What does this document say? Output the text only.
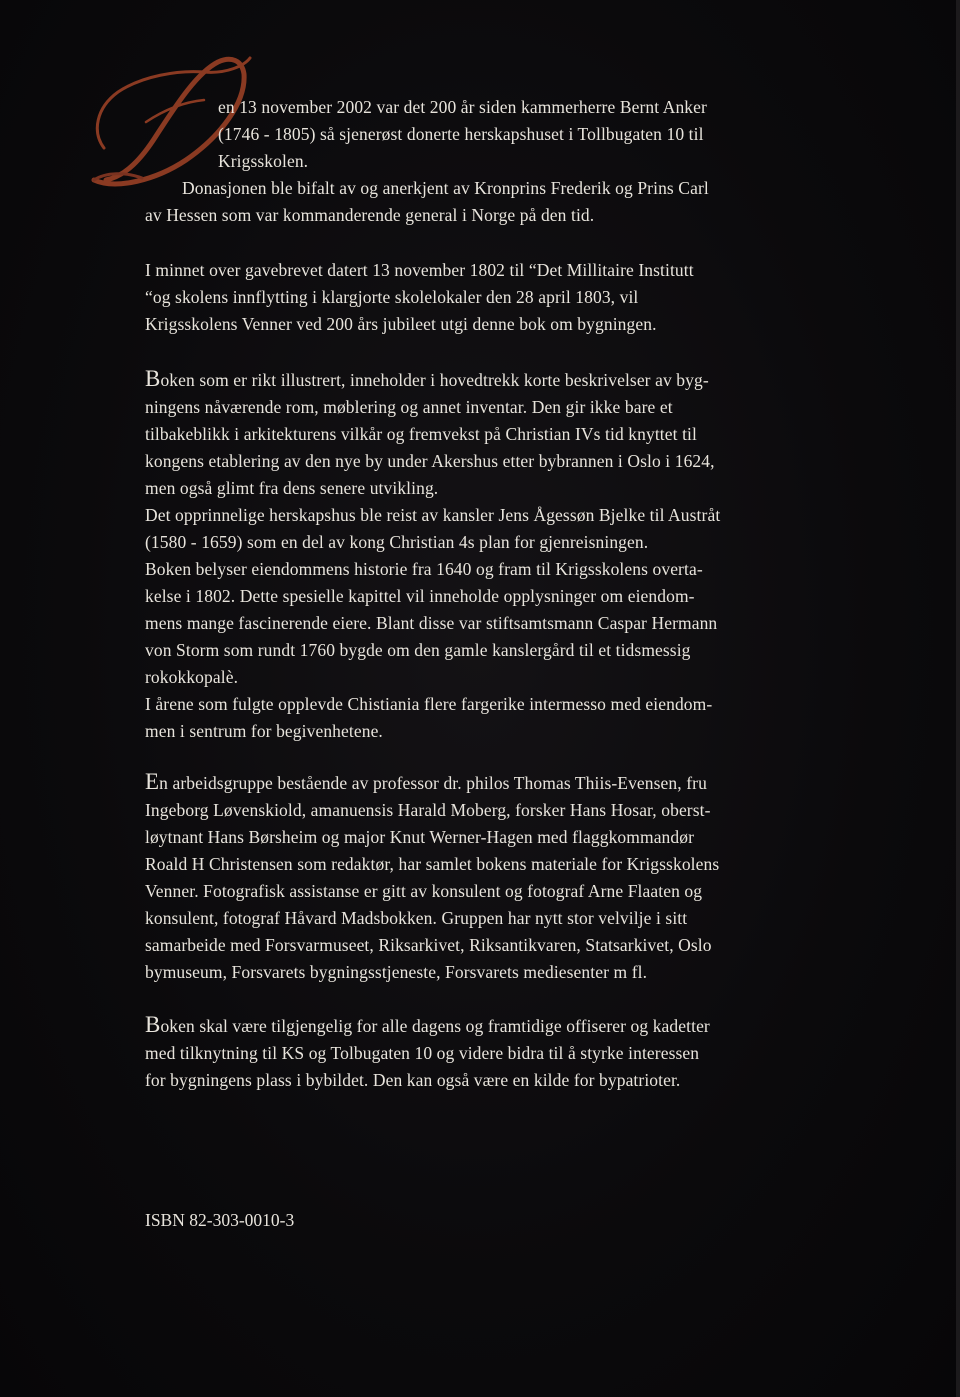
en 13 november 2002 var det 200 år siden kammerherre Bernt Anker
(1746 - 1805) så sjenerøst donerte herskapshuset i Tollbugaten 10 til
Krigsskolen.
Donasjonen ble bifalt av og anerkjent av Kronprins Frederik og Prins Carl
av Hessen som var kommanderende general i Norge på den tid.
I minnet over gavebrevet datert 13 november 1802 til “Det Millitaire Institutt
“og skolens innflytting i klargjorte skolelokaler den 28 april 1803, vil
Krigsskolens Venner ved 200 års jubileet utgi denne bok om bygningen.
Boken som er rikt illustrert, inneholder i hovedtrekk korte beskrivelser av byg-
ningens nåværende rom, møblering og annet inventar. Den gir ikke bare et
tilbakeblikk i arkitekturens vilkår og fremvekst på Christian IVs tid knyttet til
kongens etablering av den nye by under Akershus etter bybrannen i Oslo i 1624,
men også glimt fra dens senere utvikling.
Det opprinnelige herskapshus ble reist av kansler Jens Ågessøn Bjelke til Austråt
(1580 - 1659) som en del av kong Christian 4s plan for gjenreisningen.
Boken belyser eiendommens historie fra 1640 og fram til Krigsskolens overta-
kelse i 1802. Dette spesielle kapittel vil inneholde opplysninger om eiendom-
mens mange fascinerende eiere. Blant disse var stiftsamtsmann Caspar Hermann
von Storm som rundt 1760 bygde om den gamle kanslergård til et tidsmessig
rokokkopalè.
I årene som fulgte opplevde Chistiania flere fargerike intermesso med eiendom-
men i sentrum for begivenhetene.
En arbeidsgruppe bestående av professor dr. philos Thomas Thiis-Evensen, fru
Ingeborg Løvenskiold, amanuensis Harald Moberg, forsker Hans Hosar, oberst-
løytnant Hans Børsheim og major Knut Werner-Hagen med flaggkommandør
Roald H Christensen som redaktør, har samlet bokens materiale for Krigsskolens
Venner. Fotografisk assistanse er gitt av konsulent og fotograf Arne Flaaten og
konsulent, fotograf Håvard Madsbokken. Gruppen har nytt stor velvilje i sitt
samarbeide med Forsvarmuseet, Riksarkivet, Riksantikvaren, Statsarkivet, Oslo
bymuseum, Forsvarets bygningsstjeneste, Forsvarets mediesenter m fl.
Boken skal være tilgjengelig for alle dagens og framtidige offiserer og kadetter
med tilknytning til KS og Tolbugaten 10 og videre bidra til å styrke interessen
for bygningens plass i bybildet. Den kan også være en kilde for bypatrioter.
ISBN 82-303-0010-3
